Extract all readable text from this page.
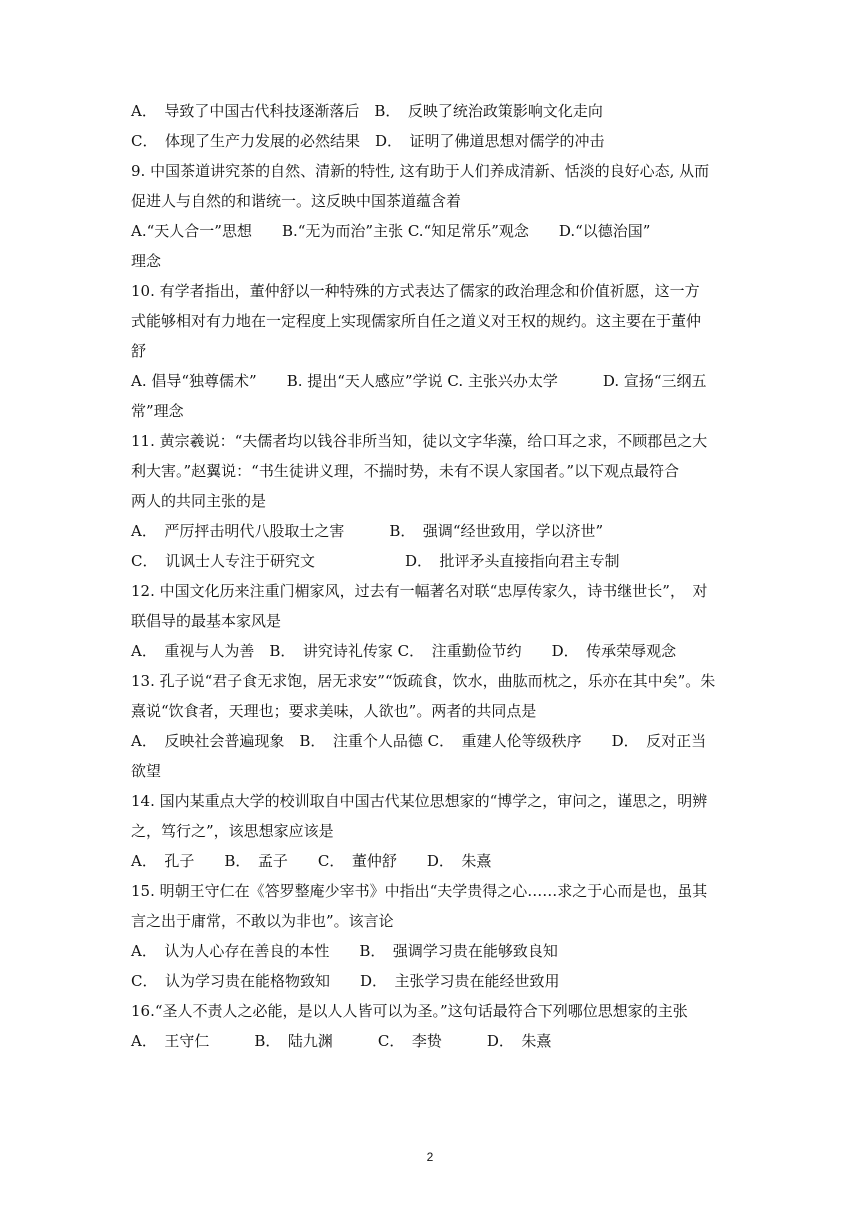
A．　导致了中国古代科技逐渐落后　B．　反映了统治政策影响文化走向
C．　体现了生产力发展的必然结果　D．　证明了佛道思想对儒学的冲击
9. 中国茶道讲究茶的自然、清新的特性, 这有助于人们养成清新、恬淡的良好心态, 从而
促进人与自然的和谐统一。这反映中国茶道蕴含着
A.“天人合一”思想　　B.“无为而治”主张 C.“知足常乐”观念　　D.“以德治国”
理念
10. 有学者指出，董仲舒以一种特殊的方式表达了儒家的政治理念和价值祈愿，这一方
式能够相对有力地在一定程度上实现儒家所自任之道义对王权的规约。这主要在于董仲
舒
A. 倡导“独尊儒术”　　B. 提出“天人感应”学说 C. 主张兴办太学　　　D. 宣扬“三纲五
常”理念
11. 黄宗羲说：“夫儒者均以钱谷非所当知，徒以文字华藻，给口耳之求，不顾郡邑之大
利大害。”赵翼说：“书生徒讲义理，不揣时势，未有不误人家国者。”以下观点最符合
两人的共同主张的是
A．　严厉抨击明代八股取士之害　　　B．　强调“经世致用，学以济世”
C．　讥讽士人专注于研究文　　　　　　D．　批评矛头直接指向君主专制
12. 中国文化历来注重门楣家风，过去有一幅著名对联“忠厚传家久，诗书继世长”，　对
联倡导的最基本家风是
A．　重视与人为善　B．　讲究诗礼传家 C．　注重勤俭节约　　D．　传承荣辱观念
13. 孔子说“君子食无求饱，居无求安”“饭疏食，饮水，曲肱而枕之，乐亦在其中矣”。朱
熹说“饮食者，天理也；要求美味，人欲也”。两者的共同点是
A．　反映社会普遍现象　B．　注重个人品德 C．　重建人伦等级秩序　　D．　反对正当
欲望
14. 国内某重点大学的校训取自中国古代某位思想家的“博学之，审问之，谨思之，明辨
之，笃行之”，该思想家应该是
A．　孔子　　B．　孟子　　C．　董仲舒　　D．　朱熹
15. 明朝王守仁在《答罗整庵少宰书》中指出“夫学贵得之心……求之于心而是也，虽其
言之出于庸常，不敢以为非也”。该言论
A．　认为人心存在善良的本性　　B．　强调学习贵在能够致良知
C．　认为学习贵在能格物致知　　D．　主张学习贵在能经世致用
16.“圣人不责人之必能，是以人人皆可以为圣。”这句话最符合下列哪位思想家的主张
A．　王守仁　　　B．　陆九渊　　　C．　李贽　　　D．　朱熹
2
